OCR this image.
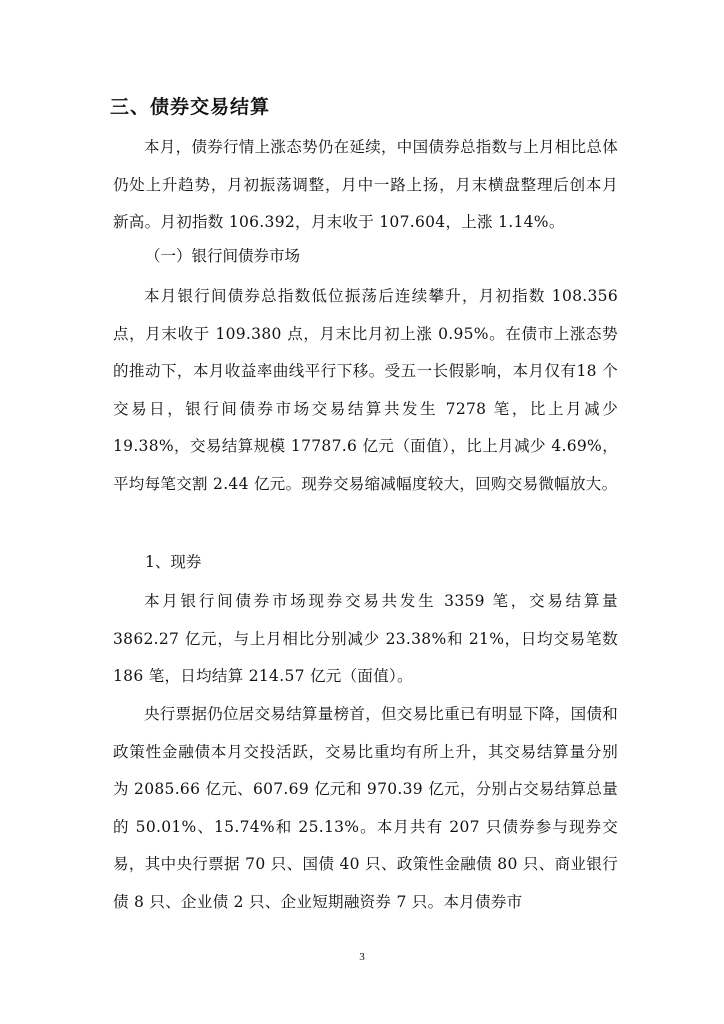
三、债券交易结算

本月，债券行情上涨态势仍在延续，中国债券总指数与上月相比总体仍处上升趋势，月初振荡调整，月中一路上扬，月末横盘整理后创本月新高。月初指数 106.392，月末收于 107.604，上涨 1.14%。

（一）银行间债券市场

本月银行间债券总指数低位振荡后连续攀升，月初指数 108.356点，月末收于 109.380 点，月末比月初上涨 0.95%。在债市上涨态势的推动下，本月收益率曲线平行下移。受五一长假影响，本月仅有18 个交易日，银行间债券市场交易结算共发生 7278 笔，比上月减少19.38%，交易结算规模 17787.6 亿元（面值），比上月减少 4.69%，平均每笔交割 2.44 亿元。现券交易缩减幅度较大，回购交易微幅放大。

1、现券

本月银行间债券市场现券交易共发生 3359 笔，交易结算量3862.27 亿元，与上月相比分别减少 23.38%和 21%，日均交易笔数186 笔，日均结算 214.57 亿元（面值）。

央行票据仍位居交易结算量榜首，但交易比重已有明显下降，国债和政策性金融债本月交投活跃，交易比重均有所上升，其交易结算量分别为 2085.66 亿元、607.69 亿元和 970.39 亿元，分别占交易结算总量的 50.01%、15.74%和 25.13%。本月共有 207 只债券参与现券交易，其中央行票据 70 只、国债 40 只、政策性金融债 80 只、商业银行债 8 只、企业债 2 只、企业短期融资券 7 只。本月债券市

3
